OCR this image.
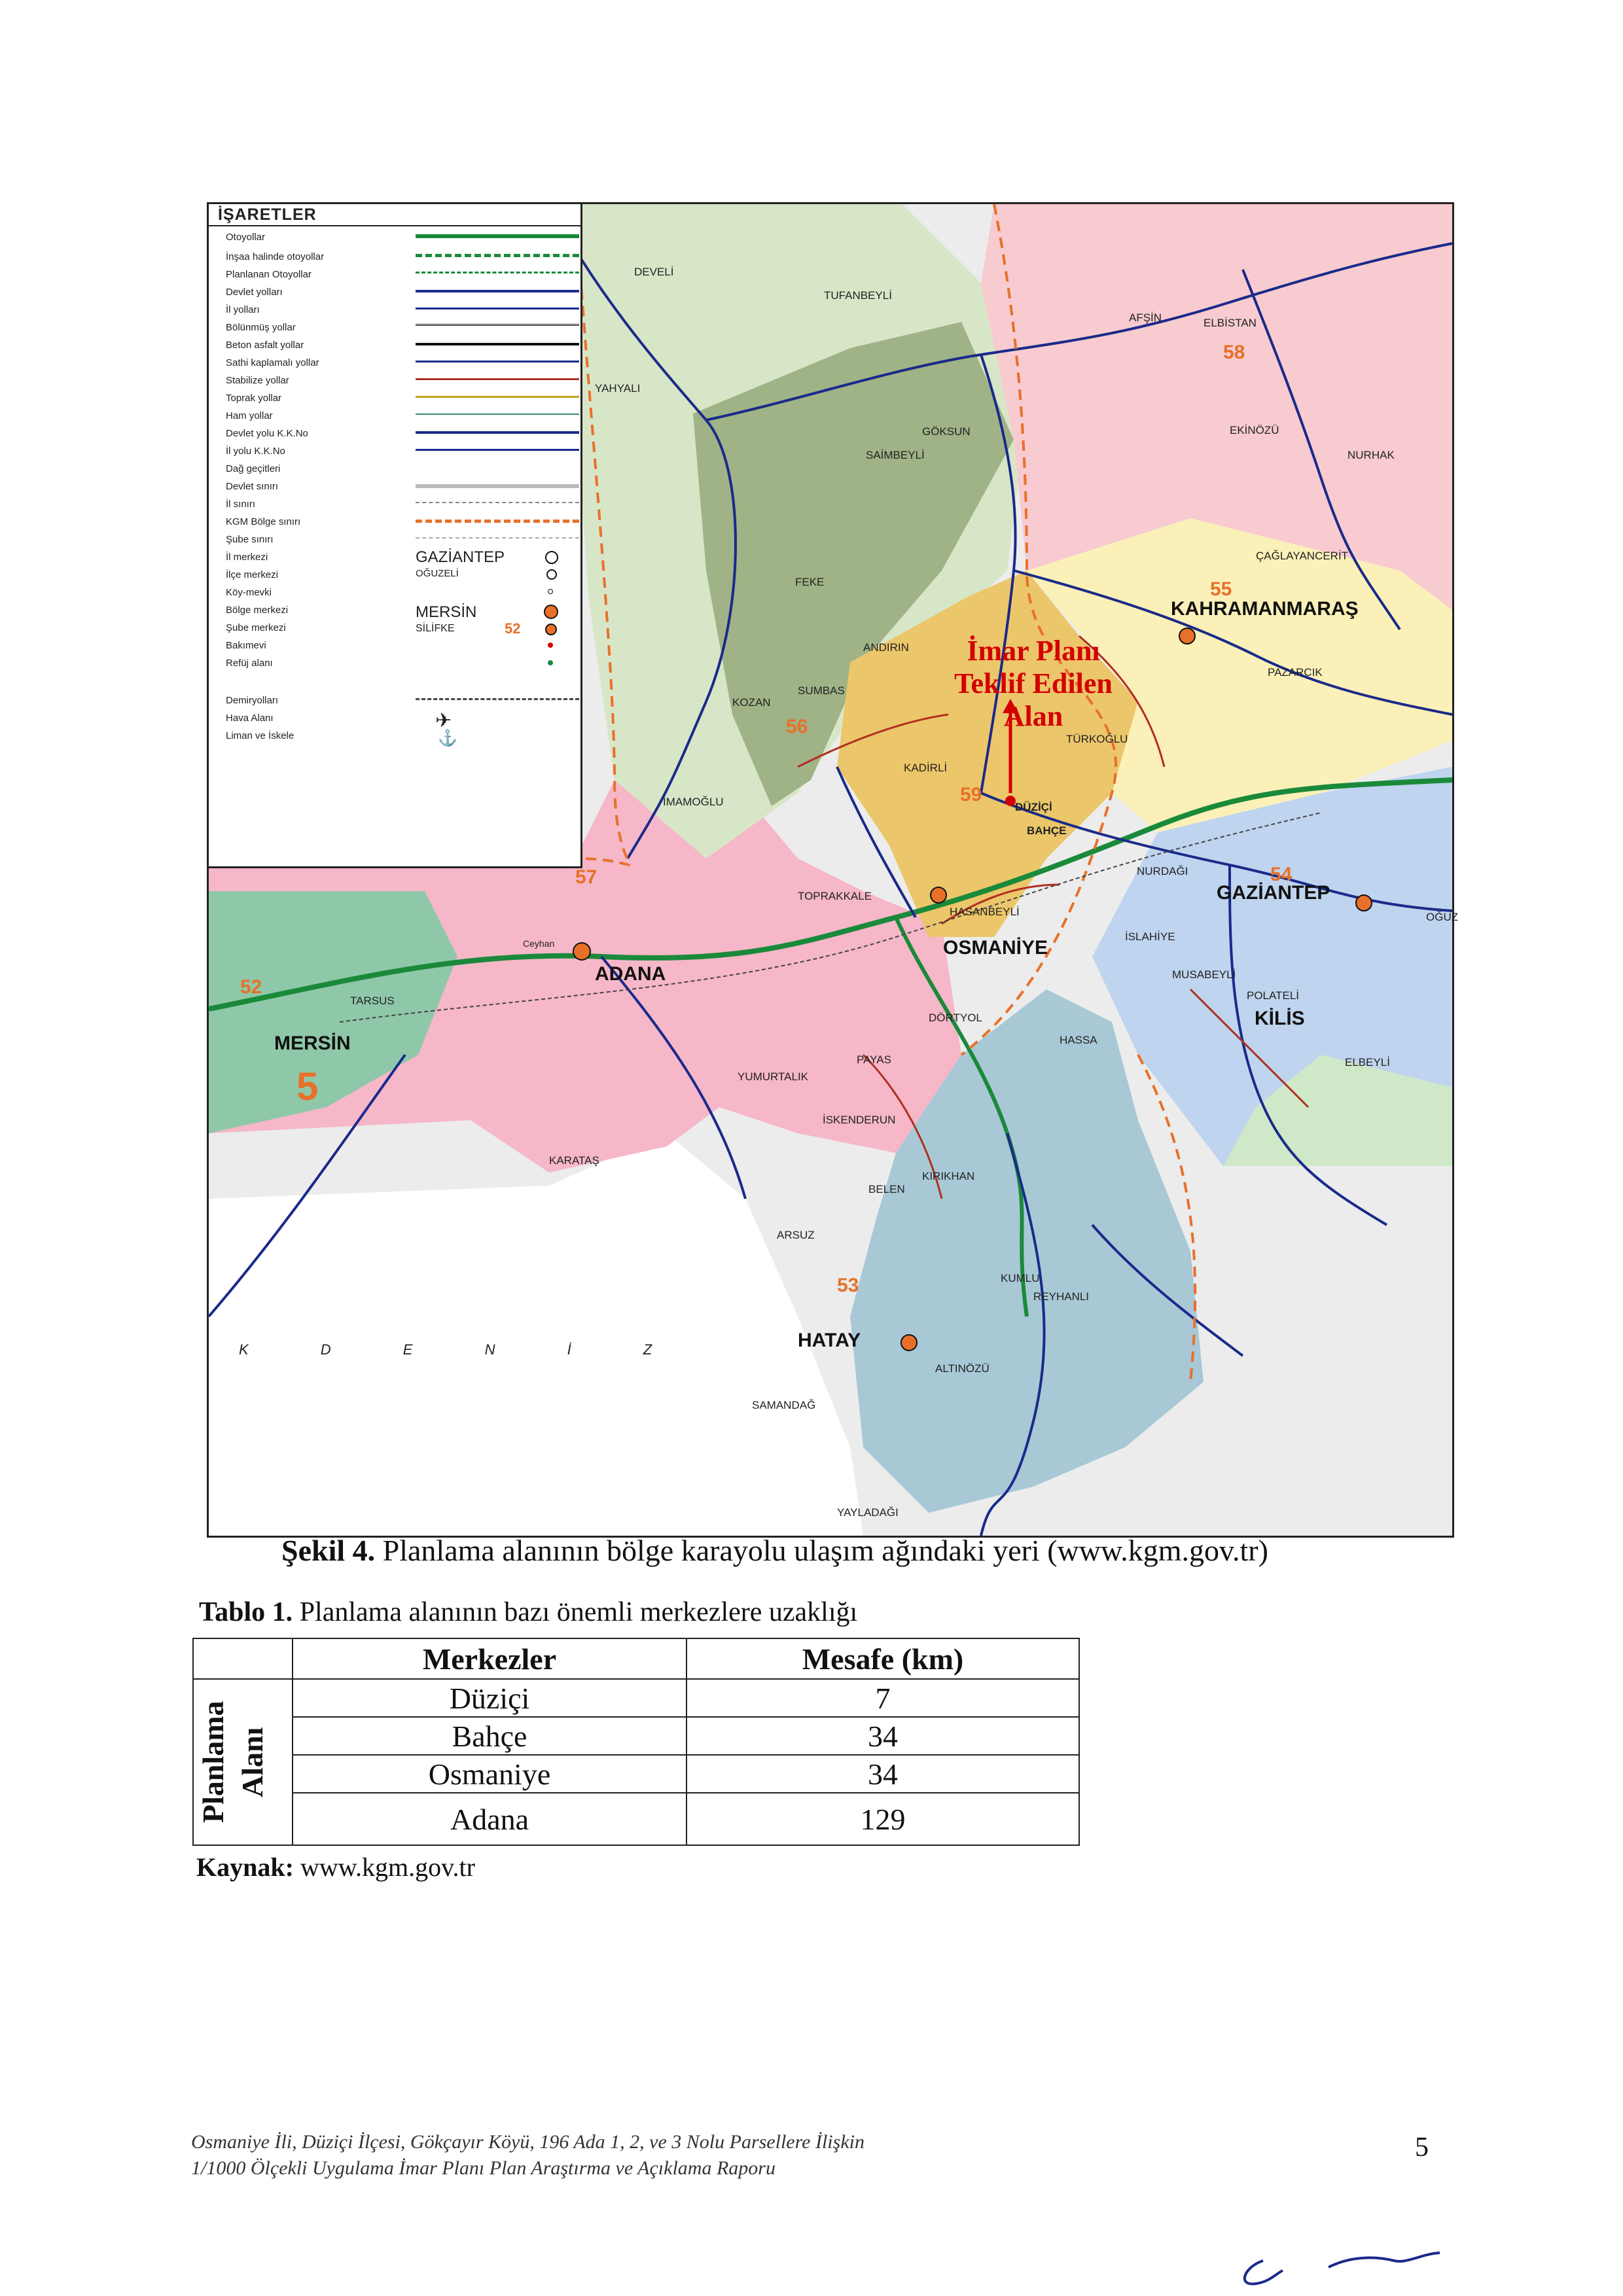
İŞARETLER
Otoyollar
İnşaa halinde otoyollar
Planlanan Otoyollar
Devlet yolları
İl yolları
Bölünmüş yollar
Beton asfalt yollar
Sathi kaplamalı yollar
Stabilize yollar
Toprak yollar
Ham yollar
Devlet yolu K.K.No
İl yolu K.K.No
Dağ geçitleri
Devlet sınırı
İl sınırı
KGM Bölge sınırı
Şube sınırı
İl merkezi
İlçe merkezi
Köy-mevki
Bölge merkezi
Şube merkezi
Bakımevi
Refüj alanı
Demiryolları
Hava Alanı
Liman ve İskele
GAZİANTEP
OĞUZELİ
MERSİN
SİLİFKE	52
✈
⚓
KAHRAMANMARAŞ
GAZİANTEP
ADANA
OSMANİYE
MERSİN
HATAY
KİLİS
DÜZİÇİ
BAHÇE
KADİRLİ
KOZAN
FEKE
SAİMBEYLİ
TUFANBEYLİ
GÖKSUN
AFŞİN	ELBİSTAN
EKİNÖZÜ
NURHAK
ÇAĞLAYANCERİT
PAZARCIK
TÜRKOĞLU
ANDIRIN
SUMBAS
İMAMOĞLU
Ceyhan
TOPRAKKALE
HASANBEYLİ
NURDAĞI
İSLAHİYE
MUSABEYLİ
POLATELİ
ELBEYLİ
DÖRTYOL
PAYAS
YUMURTALIK
İSKENDERUN
KIRIKHAN
BELEN
ARSUZ
KUMLU
REYHANLI
ALTINÖZÜ
SAMANDAĞ
YAYLADAĞI
KARATAŞ
TARSUS
YAHYALI
DEVELİ
HASSA
OĞUZ
55
54
56
59
57
53
52
58
5
İmar Planı Teklif Edilen Alan
K D E N İ Z
Şekil 4. Planlama alanının bölge karayolu ulaşım ağındaki yeri (www.kgm.gov.tr)
Tablo 1. Planlama alanının bazı önemli merkezlere uzaklığı
	Merkezler	Mesafe (km)

Planlama Alanı	Düziçi	7
	Bahçe	34
	Osmaniye	34
	Adana	129
Kaynak: www.kgm.gov.tr
Osmaniye İli, Düziçi İlçesi, Gökçayır Köyü, 196 Ada 1, 2, ve 3 Nolu Parsellere İlişkin
1/1000 Ölçekli Uygulama İmar Planı Plan Araştırma ve Açıklama Raporu
5
